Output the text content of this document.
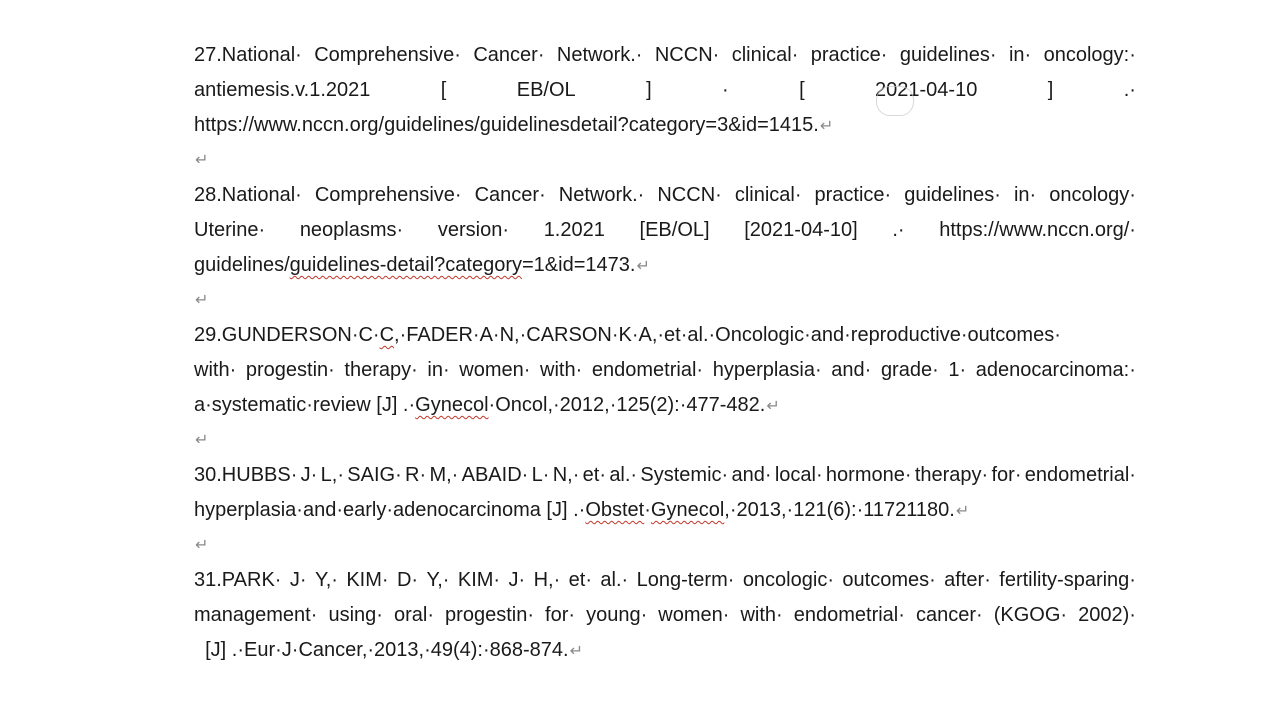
27.National· Comprehensive· Cancer· Network.· NCCN· clinical· practice· guidelines· in· oncology:·
antiemesis.v.1.2021	[	EB/OL	]	·	[	2021-04-10	]	.·
https://www.nccn.org/guidelines/guidelinesdetail?category=3&id=1415.↵
↵
28.National· Comprehensive· Cancer· Network.· NCCN· clinical· practice· guidelines· in· oncology·
Uterine· neoplasms· version· 1.2021 [EB/OL] [2021-04-10] .· https://www.nccn.org/·
guidelines/guidelines-detail?category=1&id=1473.↵
↵
29.GUNDERSON·C·C,·FADER·A·N,·CARSON·K·A,·et·al.·Oncologic·and·reproductive·outcomes·
with· progestin· therapy· in· women· with· endometrial· hyperplasia· and· grade· 1· adenocarcinoma:·
a·systematic·review [J] .·Gynecol·Oncol,·2012,·125(2):·477-482.↵
↵
30.HUBBS· J· L,· SAIG· R· M,· ABAID· L· N,· et· al.· Systemic· and· local· hormone· therapy· for· endometrial·
hyperplasia·and·early·adenocarcinoma [J] .·Obstet·Gynecol,·2013,·121(6):·11721180.↵
↵
31.PARK· J· Y,· KIM· D· Y,· KIM· J· H,· et· al.· Long-term· oncologic· outcomes· after· fertility-sparing·
management· using· oral· progestin· for· young· women· with· endometrial· cancer· (KGOG· 2002)·
[J] .·Eur·J·Cancer,·2013,·49(4):·868-874.↵
